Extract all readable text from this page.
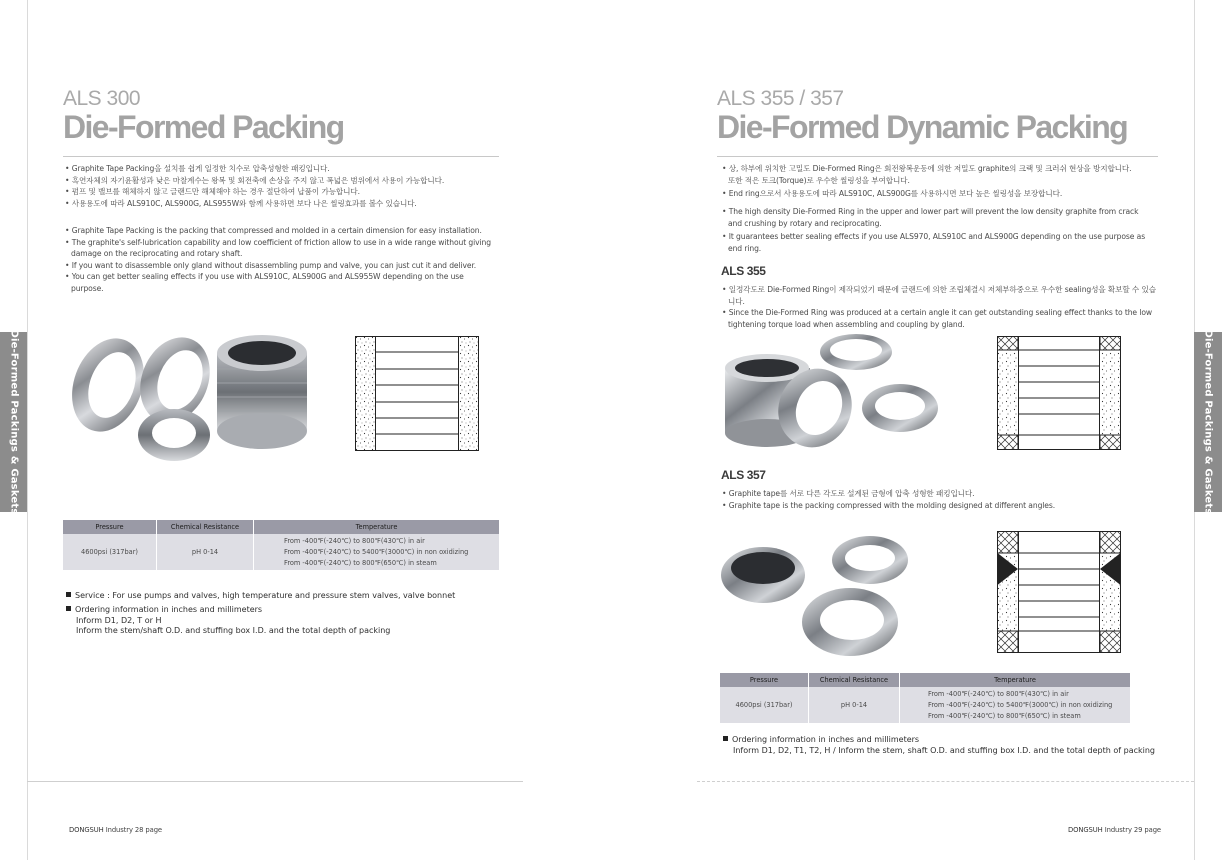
ALS 300
Die-Formed Packing
• Graphite Tape Packing을 설치를 쉽게 일정한 치수로 압축성형한 패킹입니다.
• 흑연자체의 자기윤활성과 낮은 마찰계수는 왕복 및 회전축에 손상을 주지 않고 폭넓은 범위에서 사용이 가능합니다.
• 펌프 및 밸브를 해체하지 않고 글랜드만 해체해야 하는 경우 절단하여 납품이 가능합니다.
• 사용용도에 따라 ALS910C, ALS900G, ALS955W와 함께 사용하면 보다 나은 씰링효과를 볼수 있습니다.
• Graphite Tape Packing is the packing that compressed and molded in a certain dimension for easy installation.
• The graphite's self-lubrication capability and low coefficient of friction allow to use in a wide range without giving damage on the reciprocating and rotary shaft.
• If you want to disassemble only gland without disassembling pump and valve, you can just cut it and deliver.
• You can get better sealing effects if you use with ALS910C, ALS900G and ALS955W depending on the use purpose.
Pressure	Chemical Resistance	Temperature
4600psi (317bar)	pH 0-14	From -400℉(-240℃) to 800℉(430℃) in air
From -400℉(-240℃) to 5400℉(3000℃) in non oxidizing
From -400℉(-240℃) to 800℉(650℃) in steam
Service : For use pumps and valves, high temperature and pressure stem valves, valve bonnet
Ordering information in inches and millimeters
Inform D1, D2, T or H
Inform the stem/shaft O.D. and stuffing box I.D. and the total depth of packing
DONGSUH Industry 28 page
Die-Formed Packings & Gaskets
ALS 355 / 357
Die-Formed Dynamic Packing
• 상, 하부에 위치한 고밀도 Die-Formed Ring은 회전왕복운동에 의한 저밀도 graphite의 크랙 및 크러쉬 현상을 방지합니다.
또한 적은 토크(Torque)로 우수한 씰링성을 부여합니다.
• End ring으로서 사용용도에 따라 ALS910C, ALS900G를 사용하시면 보다 높은 씰링성을 보장합니다.
• The high density Die-Formed Ring in the upper and lower part will prevent the low density graphite from crack and crushing by rotary and reciprocating.
• It guarantees better sealing effects if you use ALS970, ALS910C and ALS900G depending on the use purpose as end ring.
ALS 355
• 일정각도로 Die-Formed Ring이 제작되었기 때문에 글랜드에 의한 조립체결시 저체부하중으로 우수한 sealing성을 확보할 수 있습니다.
• Since the Die-Formed Ring was produced at a certain angle it can get outstanding sealing effect thanks to the low tightening torque load when assembling and coupling by gland.
ALS 357
• Graphite tape를 서로 다른 각도로 설계된 금형에 압축 성형한 패킹입니다.
• Graphite tape is the packing compressed with the molding designed at different angles.
Pressure	Chemical Resistance	Temperature
4600psi (317bar)	pH 0-14	From -400℉(-240℃) to 800℉(430℃) in air
From -400℉(-240℃) to 5400℉(3000℃) in non oxidizing
From -400℉(-240℃) to 800℉(650℃) in steam
Ordering information in inches and millimeters
Inform D1, D2, T1, T2, H / Inform the stem, shaft O.D. and stuffing box I.D. and the total depth of packing
DONGSUH Industry 29 page
Die-Formed Packings & Gaskets
